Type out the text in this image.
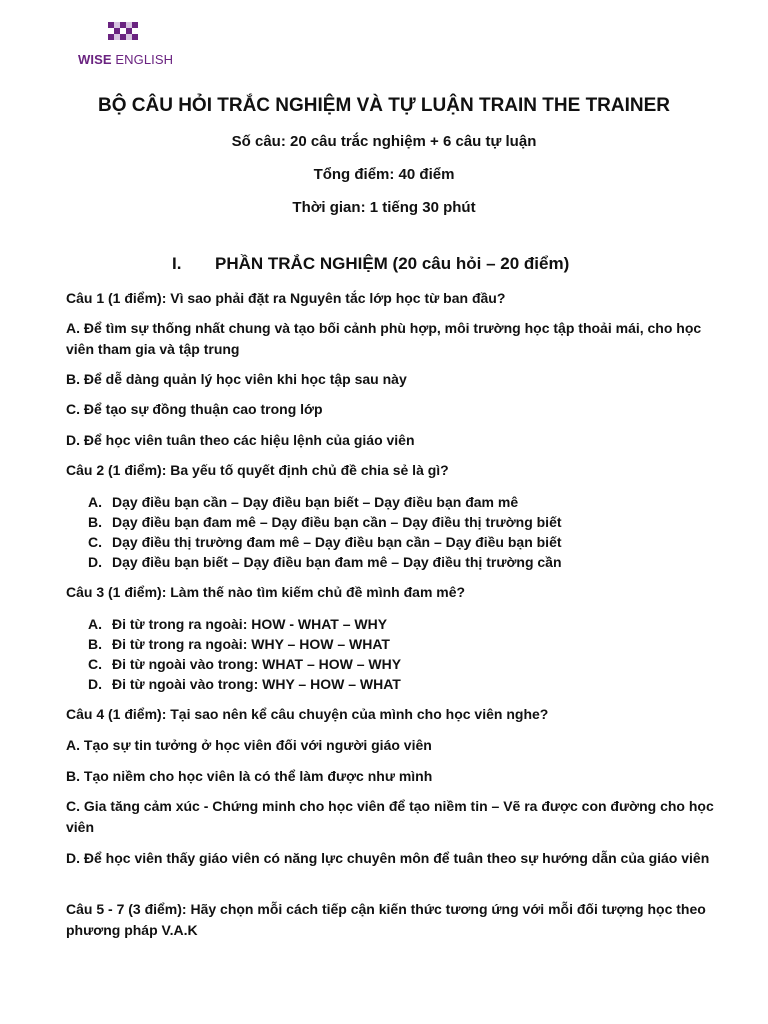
WISE ENGLISH
BỘ CÂU HỎI TRẮC NGHIỆM VÀ TỰ LUẬN TRAIN THE TRAINER
Số câu: 20 câu trắc nghiệm + 6 câu tự luận
Tổng điểm: 40 điểm
Thời gian: 1 tiếng 30 phút
I. PHẦN TRẮC NGHIỆM (20 câu hỏi – 20 điểm)

Câu 1 (1 điểm): Vì sao phải đặt ra Nguyên tắc lớp học từ ban đầu?

A. Để tìm sự thống nhất chung và tạo bối cảnh phù hợp, môi trường học tập thoải mái, cho học viên tham gia và tập trung

B. Để dễ dàng quản lý học viên khi học tập sau này

C. Để tạo sự đồng thuận cao trong lớp

D. Để học viên tuân theo các hiệu lệnh của giáo viên

Câu 2 (1 điểm): Ba yếu tố quyết định chủ đề chia sẻ là gì?

A. Dạy điều bạn cần – Dạy điều bạn biết – Dạy điều bạn đam mê
B. Dạy điều bạn đam mê – Dạy điều bạn cần – Dạy điều thị trường biết
C. Dạy điều thị trường đam mê – Dạy điều bạn cần – Dạy điều bạn biết
D. Dạy điều bạn biết – Dạy điều bạn đam mê – Dạy điều thị trường cần

Câu 3 (1 điểm): Làm thế nào tìm kiếm chủ đề mình đam mê?

A. Đi từ trong ra ngoài: HOW - WHAT – WHY
B. Đi từ trong ra ngoài: WHY – HOW – WHAT
C. Đi từ ngoài vào trong: WHAT – HOW – WHY
D. Đi từ ngoài vào trong: WHY – HOW – WHAT

Câu 4 (1 điểm): Tại sao nên kể câu chuyện của mình cho học viên nghe?

A. Tạo sự tin tưởng ở học viên đối với người giáo viên

B. Tạo niềm cho học viên là có thể làm được như mình

C. Gia tăng cảm xúc - Chứng minh cho học viên để tạo niềm tin – Vẽ ra được con đường cho học viên

D. Để học viên thấy giáo viên có năng lực chuyên môn để tuân theo sự hướng dẫn của giáo viên

Câu 5 - 7 (3 điểm): Hãy chọn mỗi cách tiếp cận kiến thức tương ứng với mỗi đối tượng học theo phương pháp V.A.K
